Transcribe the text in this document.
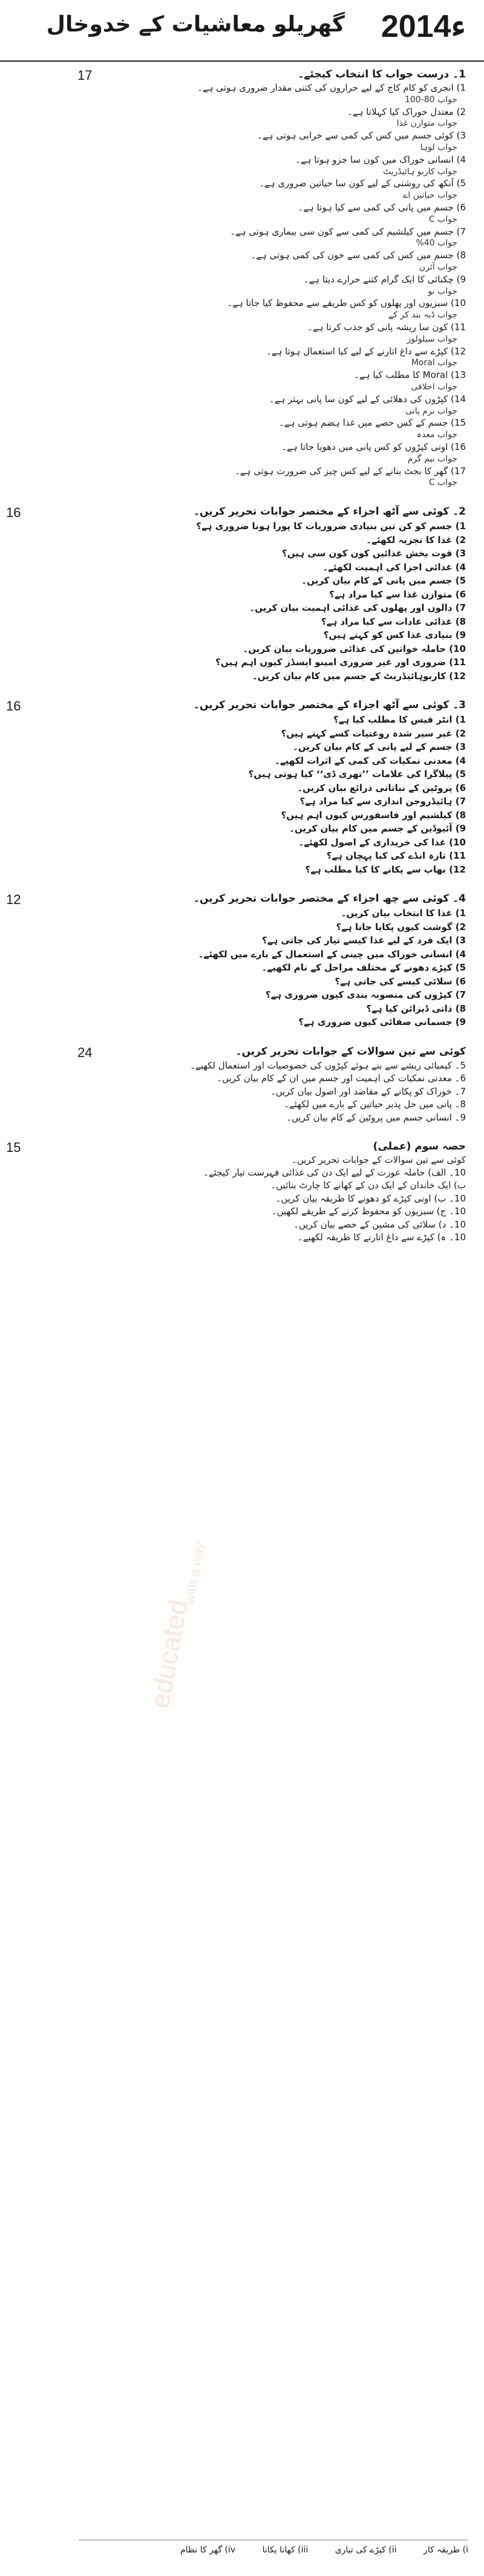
educated
with a way
گھریلو معاشیات کے خدوخال 2014ء
17	1۔ درست جواب کا انتخاب کیجئے۔
1) انجری کو کام کاج کے لیے حراروں کی کتنی مقدار ضروری ہوتی ہے۔
جواب 80-100
2) معتدل خوراک کیا کہلاتا ہے۔
جواب متوازن غذا
3) کوئی جسم میں کس کی کمی سے خرابی ہوتی ہے۔
جواب لوہا
4) انسانی خوراک میں کون سا جزو ہوتا ہے۔
جواب کاربو ہائیڈریٹ
5) آنکھ کی روشنی کے لیے کون سا حیاتین ضروری ہے۔
جواب حیاتین اے
6) جسم میں پانی کی کمی سے کیا ہوتا ہے۔
جواب C
7) جسم میں کیلشیم کی کمی سے کون سی بیماری ہوتی ہے۔
جواب 40%
8) جسم میں کس کی کمی سے خون کی کمی ہوتی ہے۔
جواب آئرن
9) چکنائی کا ایک گرام کتنے حرارے دیتا ہے۔
جواب نو
10) سبزیوں اور پھلوں کو کس طریقے سے محفوظ کیا جاتا ہے۔
جواب ڈبہ بند کر کے
11) کون سا ریشہ پانی کو جذب کرتا ہے۔
جواب سیلولوز
12) کپڑے سے داغ اتارنے کے لیے کیا استعمال ہوتا ہے۔
جواب Moral
13) Moral کا مطلب کیا ہے۔
جواب اخلاقی
14) کپڑوں کی دھلائی کے لیے کون سا پانی بہتر ہے۔
جواب نرم پانی
15) جسم کے کس حصے میں غذا ہضم ہوتی ہے۔
جواب معدہ
16) اونی کپڑوں کو کس پانی میں دھویا جاتا ہے۔
جواب نیم گرم
17) گھر کا بجٹ بنانے کے لیے کس چیز کی ضرورت ہوتی ہے۔
جواب C
16	2۔ کوئی سے آٹھ اجزاء کے مختصر جوابات تحریر کریں۔
1) جسم کو کن تین بنیادی ضروریات کا پورا ہونا ضروری ہے؟
2) غذا کا تجزیہ لکھئے۔
3) قوت بخش غذائیں کون کون سی ہیں؟
4) غذائی اجزا کی اہمیت لکھئے۔
5) جسم میں پانی کے کام بیان کریں۔
6) متوازن غذا سے کیا مراد ہے؟
7) دالوں اور پھلوں کی غذائی اہمیت بیان کریں۔
8) غذائی عادات سے کیا مراد ہے؟
9) بنیادی غذا کس کو کہتے ہیں؟
10) حاملہ خواتین کی غذائی ضروریات بیان کریں۔
11) ضروری اور غیر ضروری امینو ایسڈز کیوں اہم ہیں؟
12) کاربوہائیڈریٹ کے جسم میں کام بیان کریں۔
16	3۔ کوئی سے آٹھ اجزاء کے مختصر جوابات تحریر کریں۔
1) انٹر فیس کا مطلب کیا ہے؟
2) غیر سیر شدہ روغنیات کسے کہتے ہیں؟
3) جسم کے لیے پانی کے کام بیان کریں۔
4) معدنی نمکیات کی کمی کے اثرات لکھیے۔
5) پیلاگرا کی علامات ’’تھری ڈی‘‘ کیا ہوتی ہیں؟
6) پروٹین کے نباتاتی ذرائع بیان کریں۔
7) ہائیڈروجن اندازی سے کیا مراد ہے؟
8) کیلشیم اور فاسفورس کیوں اہم ہیں؟
9) آئیوڈین کے جسم میں کام بیان کریں۔
10) غذا کی خریداری کے اصول لکھئے۔
11) تازہ انڈے کی کیا پہچان ہے؟
12) بھاپ سے پکانے کا کیا مطلب ہے؟
12	4۔ کوئی سے چھ اجزاء کے مختصر جوابات تحریر کریں۔
1) غذا کا انتخاب بیان کریں۔
2) گوشت کیوں پکایا جاتا ہے؟
3) ایک فرد کے لیے غذا کیسے تیار کی جاتی ہے؟
4) انسانی خوراک میں چینی کے استعمال کے بارے میں لکھئے۔
5) کپڑے دھونے کے مختلف مراحل کے نام لکھیے۔
6) سلائی کیسے کی جاتی ہے؟
7) کپڑوں کی منصوبہ بندی کیوں ضروری ہے؟
8) ذاتی ڈیزائن کیا ہے؟
9) جسمانی صفائی کیوں ضروری ہے؟
24	کوئی سے تین سوالات کے جوابات تحریر کریں۔
5۔ کیمیائی ریشے سے بنے ہوئے کپڑوں کی خصوصیات اور استعمال لکھیے۔
6۔ معدنی نمکیات کی اہمیت اور جسم میں ان کے کام بیان کریں۔
7۔ خوراک کو پکانے کے مقاصد اور اصول بیان کریں۔
8۔ پانی میں حل پذیر حیاتین کے بارے میں لکھئے۔
9۔ انسانی جسم میں پروٹین کے کام بیان کریں۔
15	حصہ سوم (عملی)
کوئی سے تین سوالات کے جوابات تحریر کریں۔
10۔ الف) حاملہ عورت کے لیے ایک دن کی غذائی فہرست تیار کیجئے۔
ب) ایک خاندان کے ایک دن کے کھانے کا چارٹ بنائیں۔
10۔ ب) اونی کپڑے کو دھونے کا طریقہ بیان کریں۔
10۔ ج) سبزیوں کو محفوظ کرنے کے طریقے لکھیں۔
10۔ د) سلائی کی مشین کے حصے بیان کریں۔
10۔ ہ) کپڑے سے داغ اتارنے کا طریقہ لکھیے۔
i) طریقہ کار ii) کپڑے کی تیاری iii) کھانا پکانا iv) گھر کا نظام
